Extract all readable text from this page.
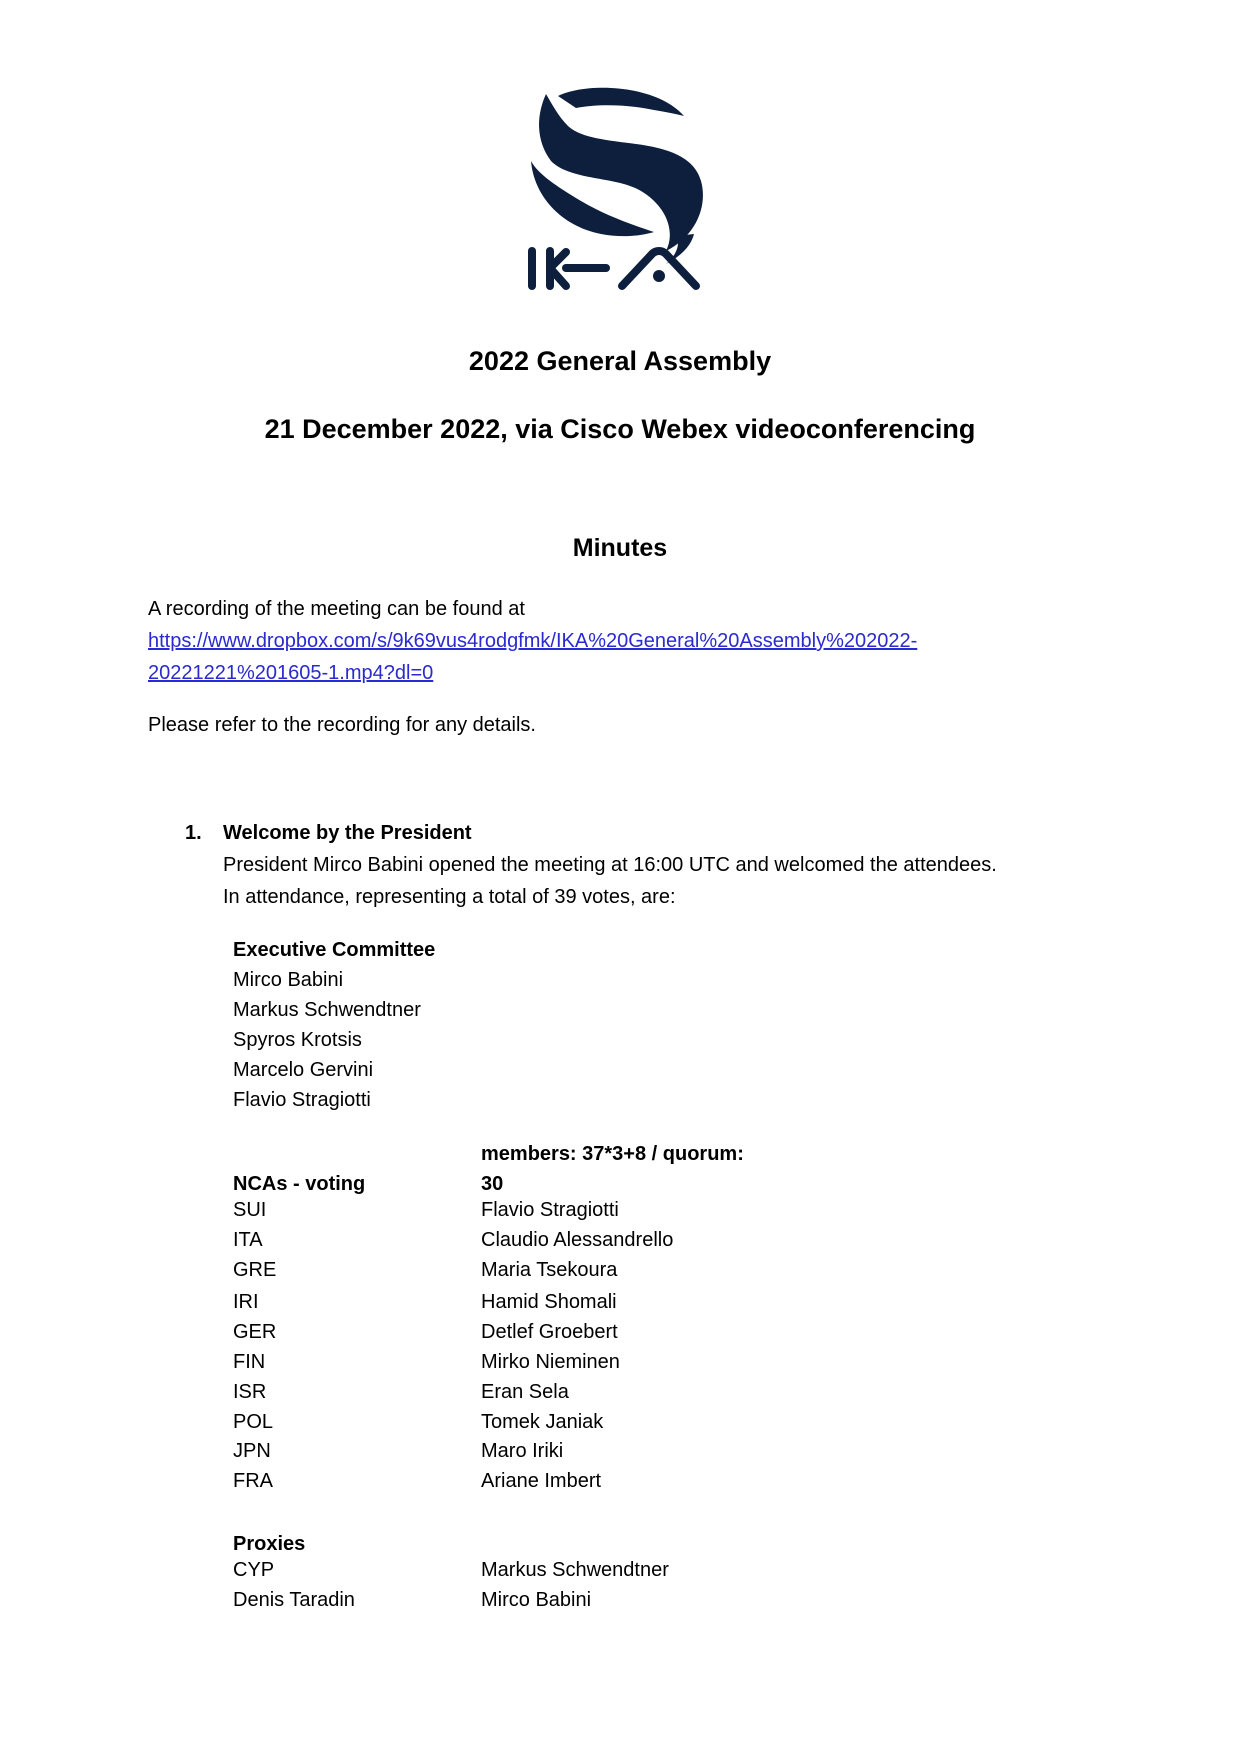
IKA
2022 General Assembly
21 December 2022, via Cisco Webex videoconferencing
Minutes
A recording of the meeting can be found at
https://www.dropbox.com/s/9k69vus4rodgfmk/IKA%20General%20Assembly%202022-
20221221%201605-1.mp4?dl=0
Please refer to the recording for any details.
1. Welcome by the President
President Mirco Babini opened the meeting at 16:00 UTC and welcomed the attendees.
In attendance, representing a total of 39 votes, are:
Executive Committee
Mirco Babini
Markus Schwendtner
Spyros Krotsis
Marcelo Gervini
Flavio Stragiotti
members: 37*3+8 / quorum:
30
NCAs - voting
SUI	Flavio Stragiotti
ITA	Claudio Alessandrello
GRE	Maria Tsekoura
IRI	Hamid Shomali
GER	Detlef Groebert
FIN	Mirko Nieminen
ISR	Eran Sela
POL	Tomek Janiak
JPN	Maro Iriki
FRA	Ariane Imbert
Proxies
CYP	Markus Schwendtner
Denis Taradin	Mirco Babini
